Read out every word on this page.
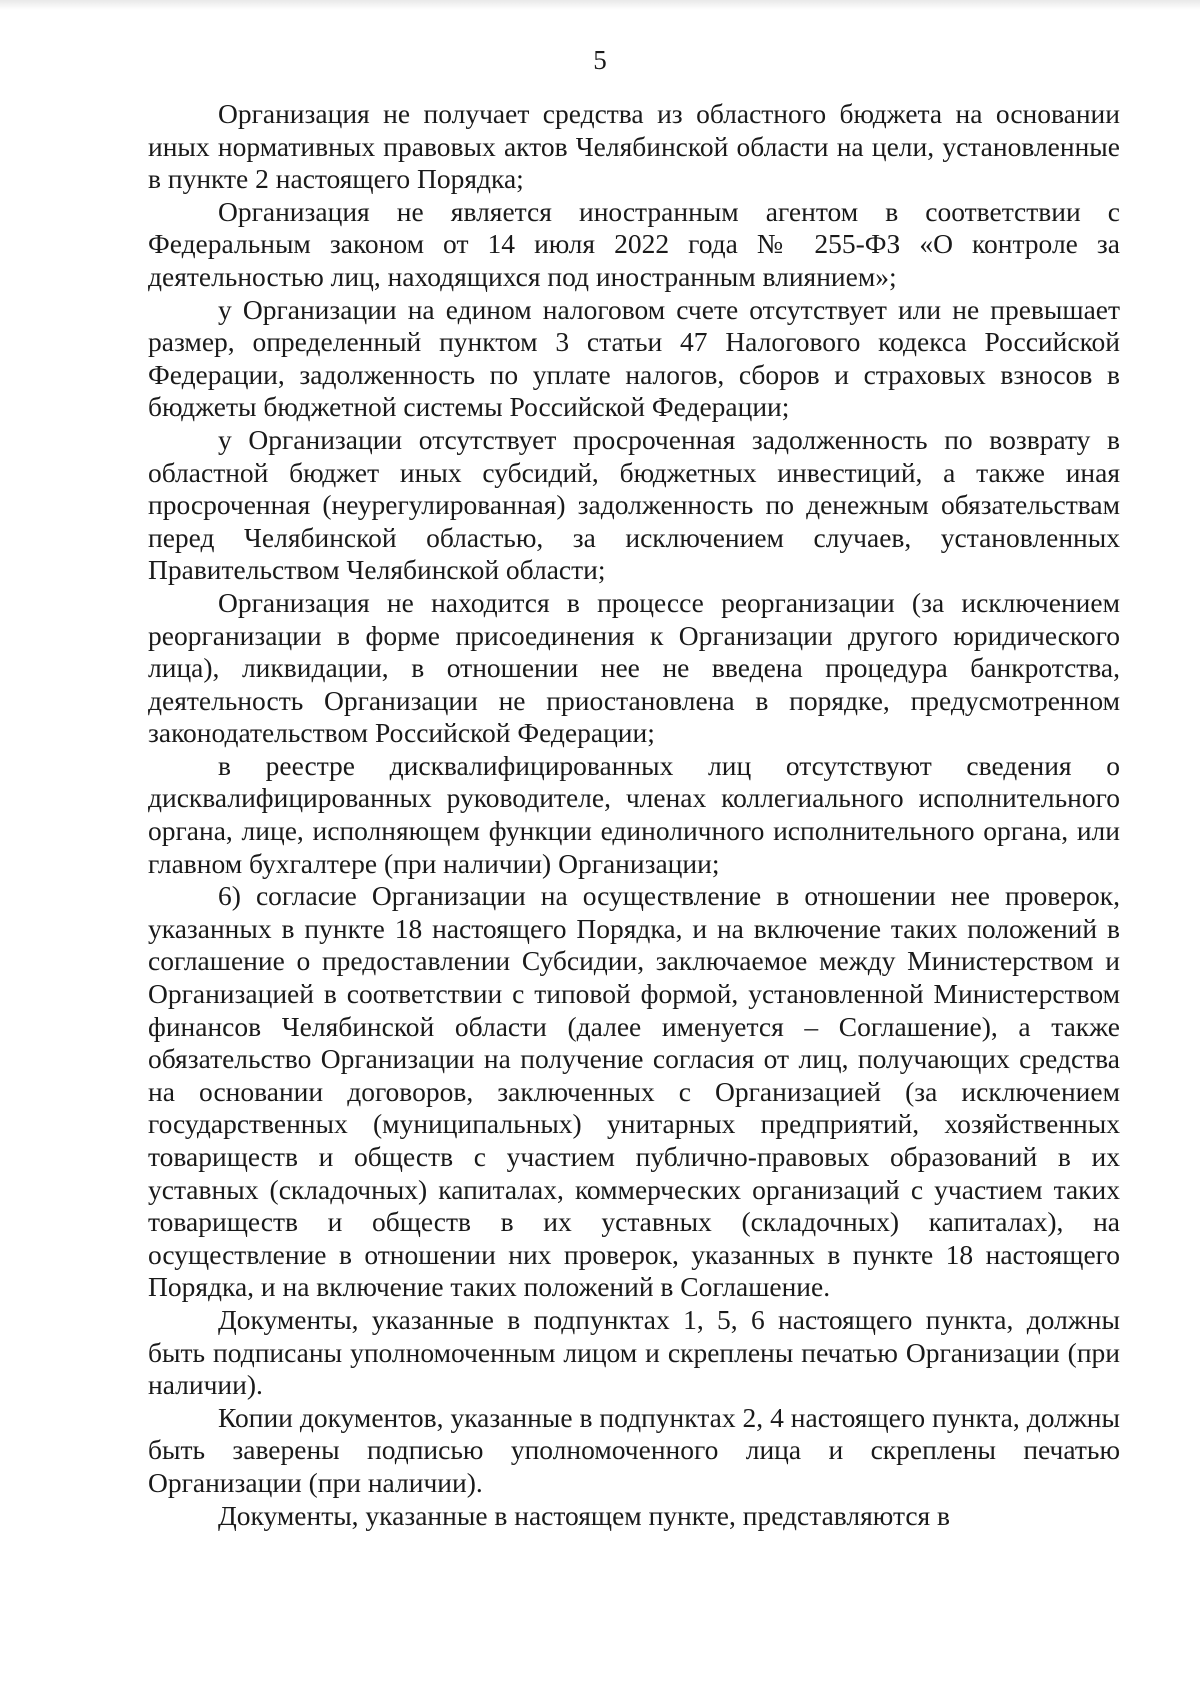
5

Организация не получает средства из областного бюджета на основании иных нормативных правовых актов Челябинской области на цели, установленные в пункте 2 настоящего Порядка;

Организация не является иностранным агентом в соответствии с Федеральным законом от 14 июля 2022 года № 255-ФЗ «О контроле за деятельностью лиц, находящихся под иностранным влиянием»;

у Организации на едином налоговом счете отсутствует или не превышает размер, определенный пунктом 3 статьи 47 Налогового кодекса Российской Федерации, задолженность по уплате налогов, сборов и страховых взносов в бюджеты бюджетной системы Российской Федерации;

у Организации отсутствует просроченная задолженность по возврату в областной бюджет иных субсидий, бюджетных инвестиций, а также иная просроченная (неурегулированная) задолженность по денежным обязательствам перед Челябинской областью, за исключением случаев, установленных Правительством Челябинской области;

Организация не находится в процессе реорганизации (за исключением реорганизации в форме присоединения к Организации другого юридического лица), ликвидации, в отношении нее не введена процедура банкротства, деятельность Организации не приостановлена в порядке, предусмотренном законодательством Российской Федерации;

в реестре дисквалифицированных лиц отсутствуют сведения о дисквалифицированных руководителе, членах коллегиального исполнительного органа, лице, исполняющем функции единоличного исполнительного органа, или главном бухгалтере (при наличии) Организации;

6) согласие Организации на осуществление в отношении нее проверок, указанных в пункте 18 настоящего Порядка, и на включение таких положений в соглашение о предоставлении Субсидии, заключаемое между Министерством и Организацией в соответствии с типовой формой, установленной Министерством финансов Челябинской области (далее именуется – Соглашение), а также обязательство Организации на получение согласия от лиц, получающих средства на основании договоров, заключенных с Организацией (за исключением государственных (муниципальных) унитарных предприятий, хозяйственных товариществ и обществ с участием публично-правовых образований в их уставных (складочных) капиталах, коммерческих организаций с участием таких товариществ и обществ в их уставных (складочных) капиталах), на осуществление в отношении них проверок, указанных в пункте 18 настоящего Порядка, и на включение таких положений в Соглашение.

Документы, указанные в подпунктах 1, 5, 6 настоящего пункта, должны быть подписаны уполномоченным лицом и скреплены печатью Организации (при наличии).

Копии документов, указанные в подпунктах 2, 4 настоящего пункта, должны быть заверены подписью уполномоченного лица и скреплены печатью Организации (при наличии).

Документы, указанные в настоящем пункте, представляются в
